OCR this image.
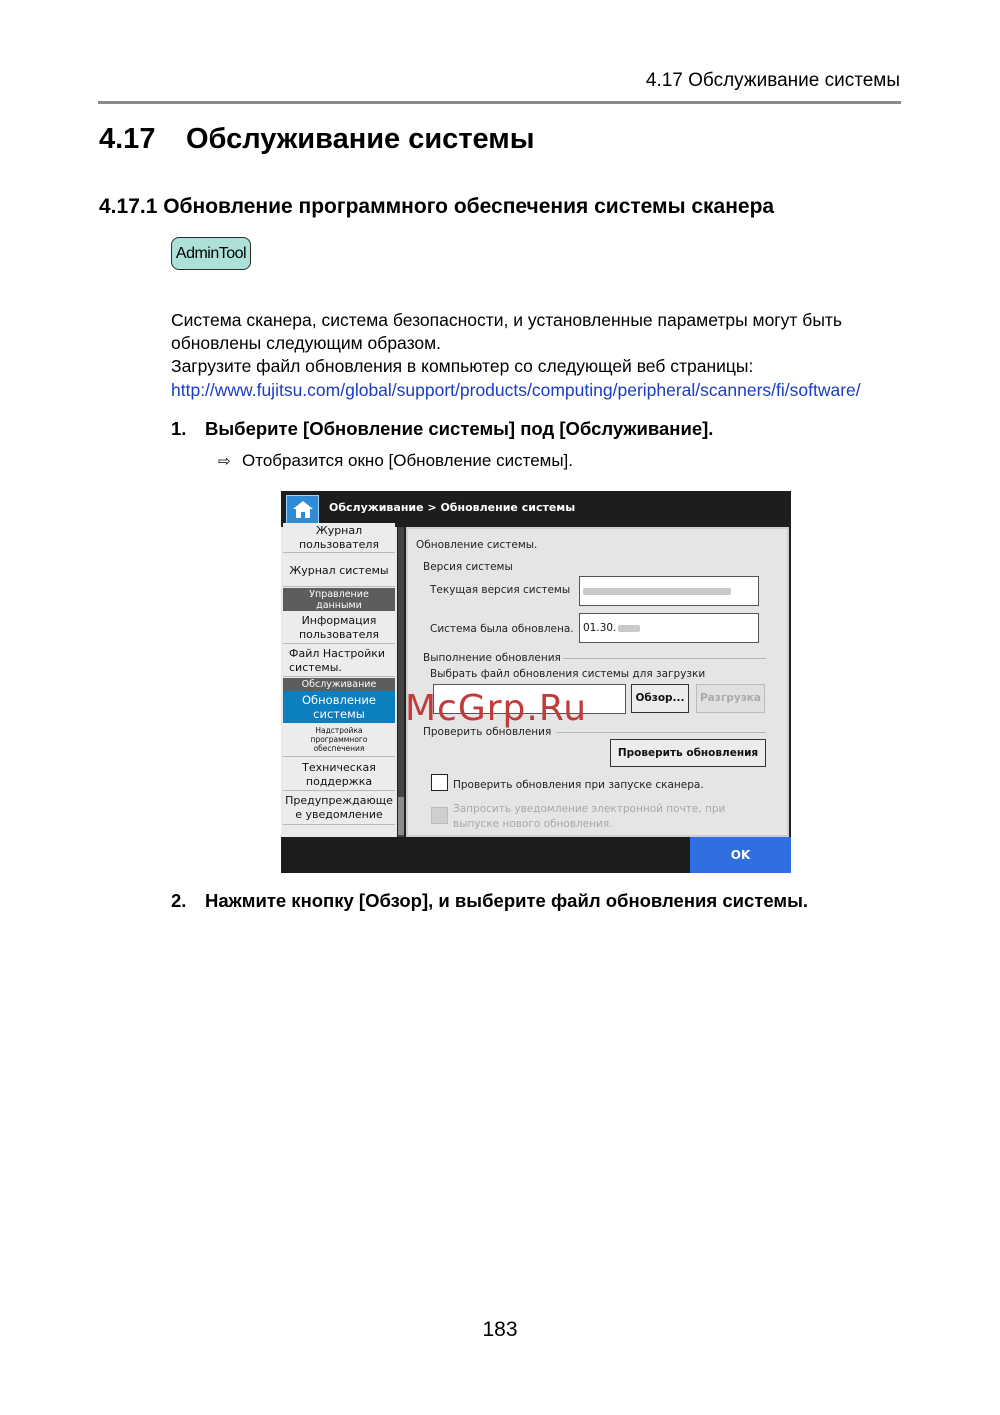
4.17 Обслуживание системы
4.17 Обслуживание системы
4.17.1 Обновление программного обеспечения системы сканера
AdminTool
Система сканера, система безопасности, и установленные параметры могут быть
обновлены следующим образом.
Загрузите файл обновления в компьютер со следующей веб страницы:
http://www.fujitsu.com/global/support/products/computing/peripheral/scanners/fi/software/
1. Выберите [Обновление системы] под [Обслуживание].
⇨ Отобразится окно [Обновление системы].
Обслуживание > Обновление системы
Журнал
пользователя
Журнал системы
Управление
данными
Информация
пользователя
Файл Настройки
системы.
Обслуживание
Обновление
системы
Надстройка
программного
обеспечения
Техническая
поддержка
Предупреждающе
е уведомление
Обновление системы.
Версия системы
Текущая версия системы
Система была обновлена. 01.30.
Выполнение обновления
Выбрать файл обновления системы для загрузки
Обзор...	Разгрузка
Проверить обновления
Проверить обновления
Проверить обновления при запуске сканера.
Запросить уведомление электронной почте, при
выпуске нового обновления.
OK
McGrp.Ru
2. Нажмите кнопку [Обзор], и выберите файл обновления системы.
183
